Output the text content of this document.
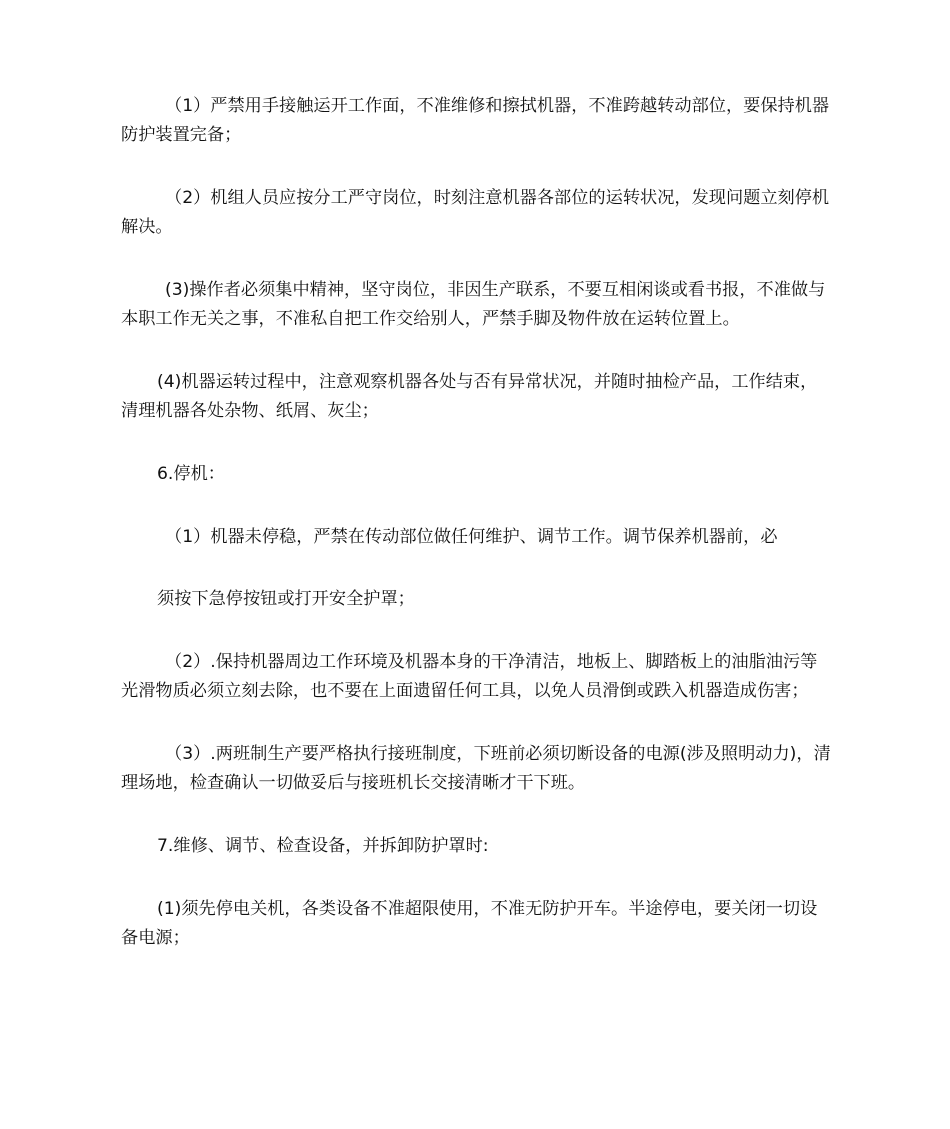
（1）严禁用手接触运开工作面，不准维修和擦拭机器，不准跨越转动部位，要保持机器防护装置完备；

（2）机组人员应按分工严守岗位，时刻注意机器各部位的运转状况，发现问题立刻停机解决。

(3)操作者必须集中精神，坚守岗位，非因生产联系，不要互相闲谈或看书报，不准做与本职工作无关之事，不准私自把工作交给别人，严禁手脚及物件放在运转位置上。

(4)机器运转过程中，注意观察机器各处与否有异常状况，并随时抽检产品，工作结束，清理机器各处杂物、纸屑、灰尘；

6.停机：

（1）机器未停稳，严禁在传动部位做任何维护、调节工作。调节保养机器前，必

须按下急停按钮或打开安全护罩；

（2）.保持机器周边工作环境及机器本身的干净清洁，地板上、脚踏板上的油脂油污等光滑物质必须立刻去除，也不要在上面遗留任何工具，以免人员滑倒或跌入机器造成伤害；

（3）.两班制生产要严格执行接班制度，下班前必须切断设备的电源(涉及照明动力)，清理场地，检查确认一切做妥后与接班机长交接清晰才干下班。

7.维修、调节、检查设备，并拆卸防护罩时:

(1)须先停电关机，各类设备不准超限使用，不准无防护开车。半途停电，要关闭一切设备电源；
